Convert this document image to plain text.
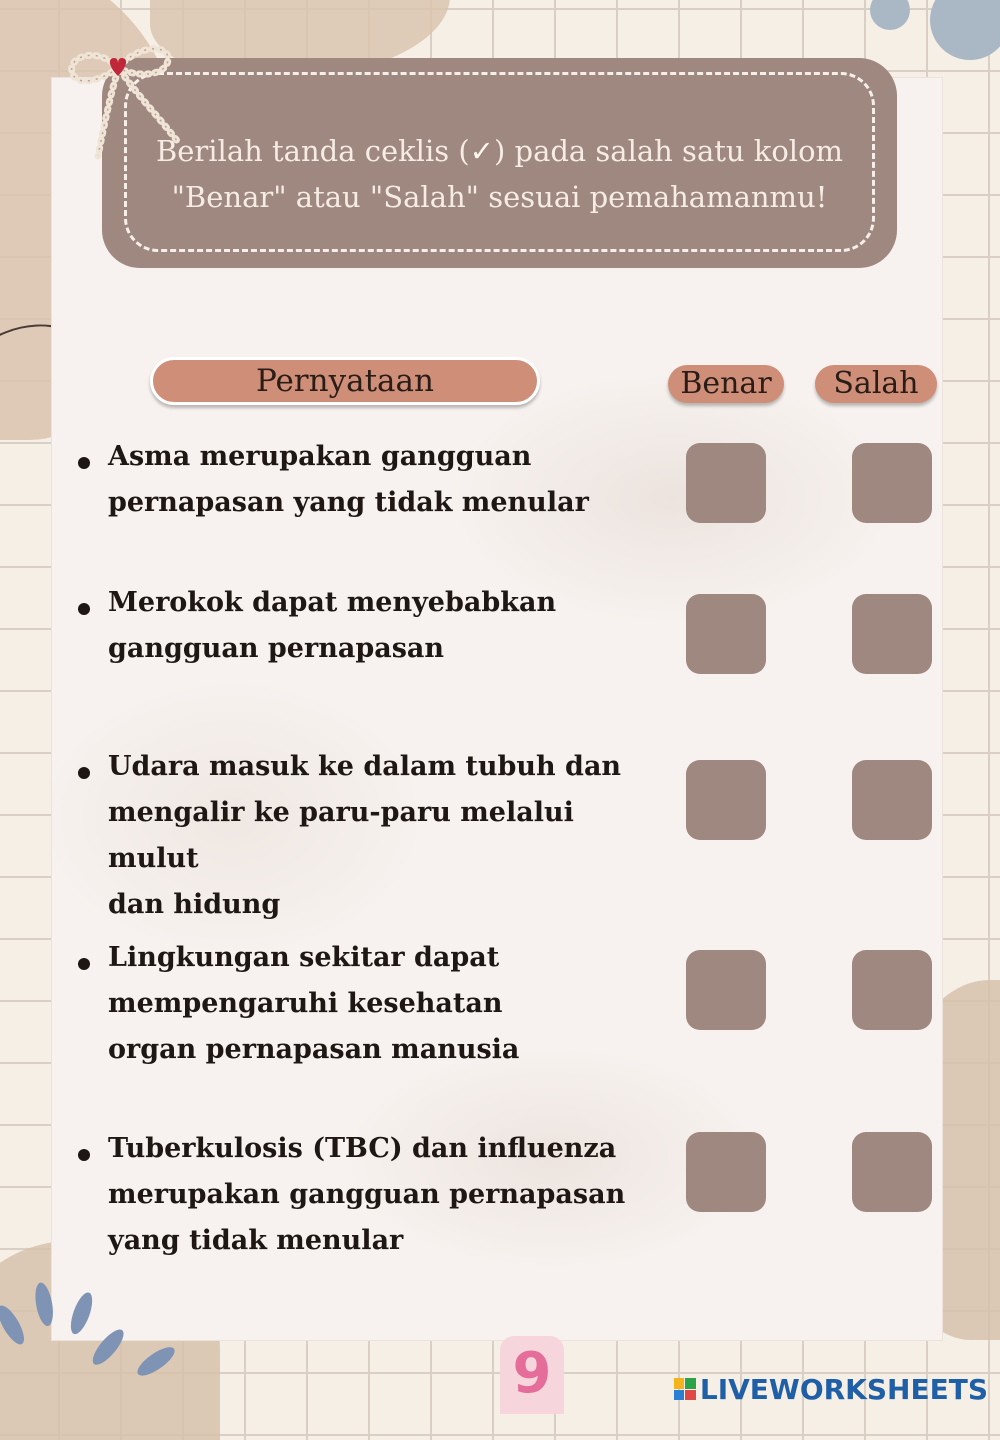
Berilah tanda ceklis (✓) pada salah satu kolom
"Benar" atau "Salah" sesuai pemahamanmu!
Pernyataan	Benar	Salah
Asma merupakan gangguan
pernapasan yang tidak menular
Merokok dapat menyebabkan
gangguan pernapasan
Udara masuk ke dalam tubuh dan
mengalir ke paru-paru melalui mulut
dan hidung
Lingkungan sekitar dapat
mempengaruhi kesehatan
organ pernapasan manusia
Tuberkulosis (TBC) dan influenza
merupakan gangguan pernapasan
yang tidak menular
9	LIVEWORKSHEETS
